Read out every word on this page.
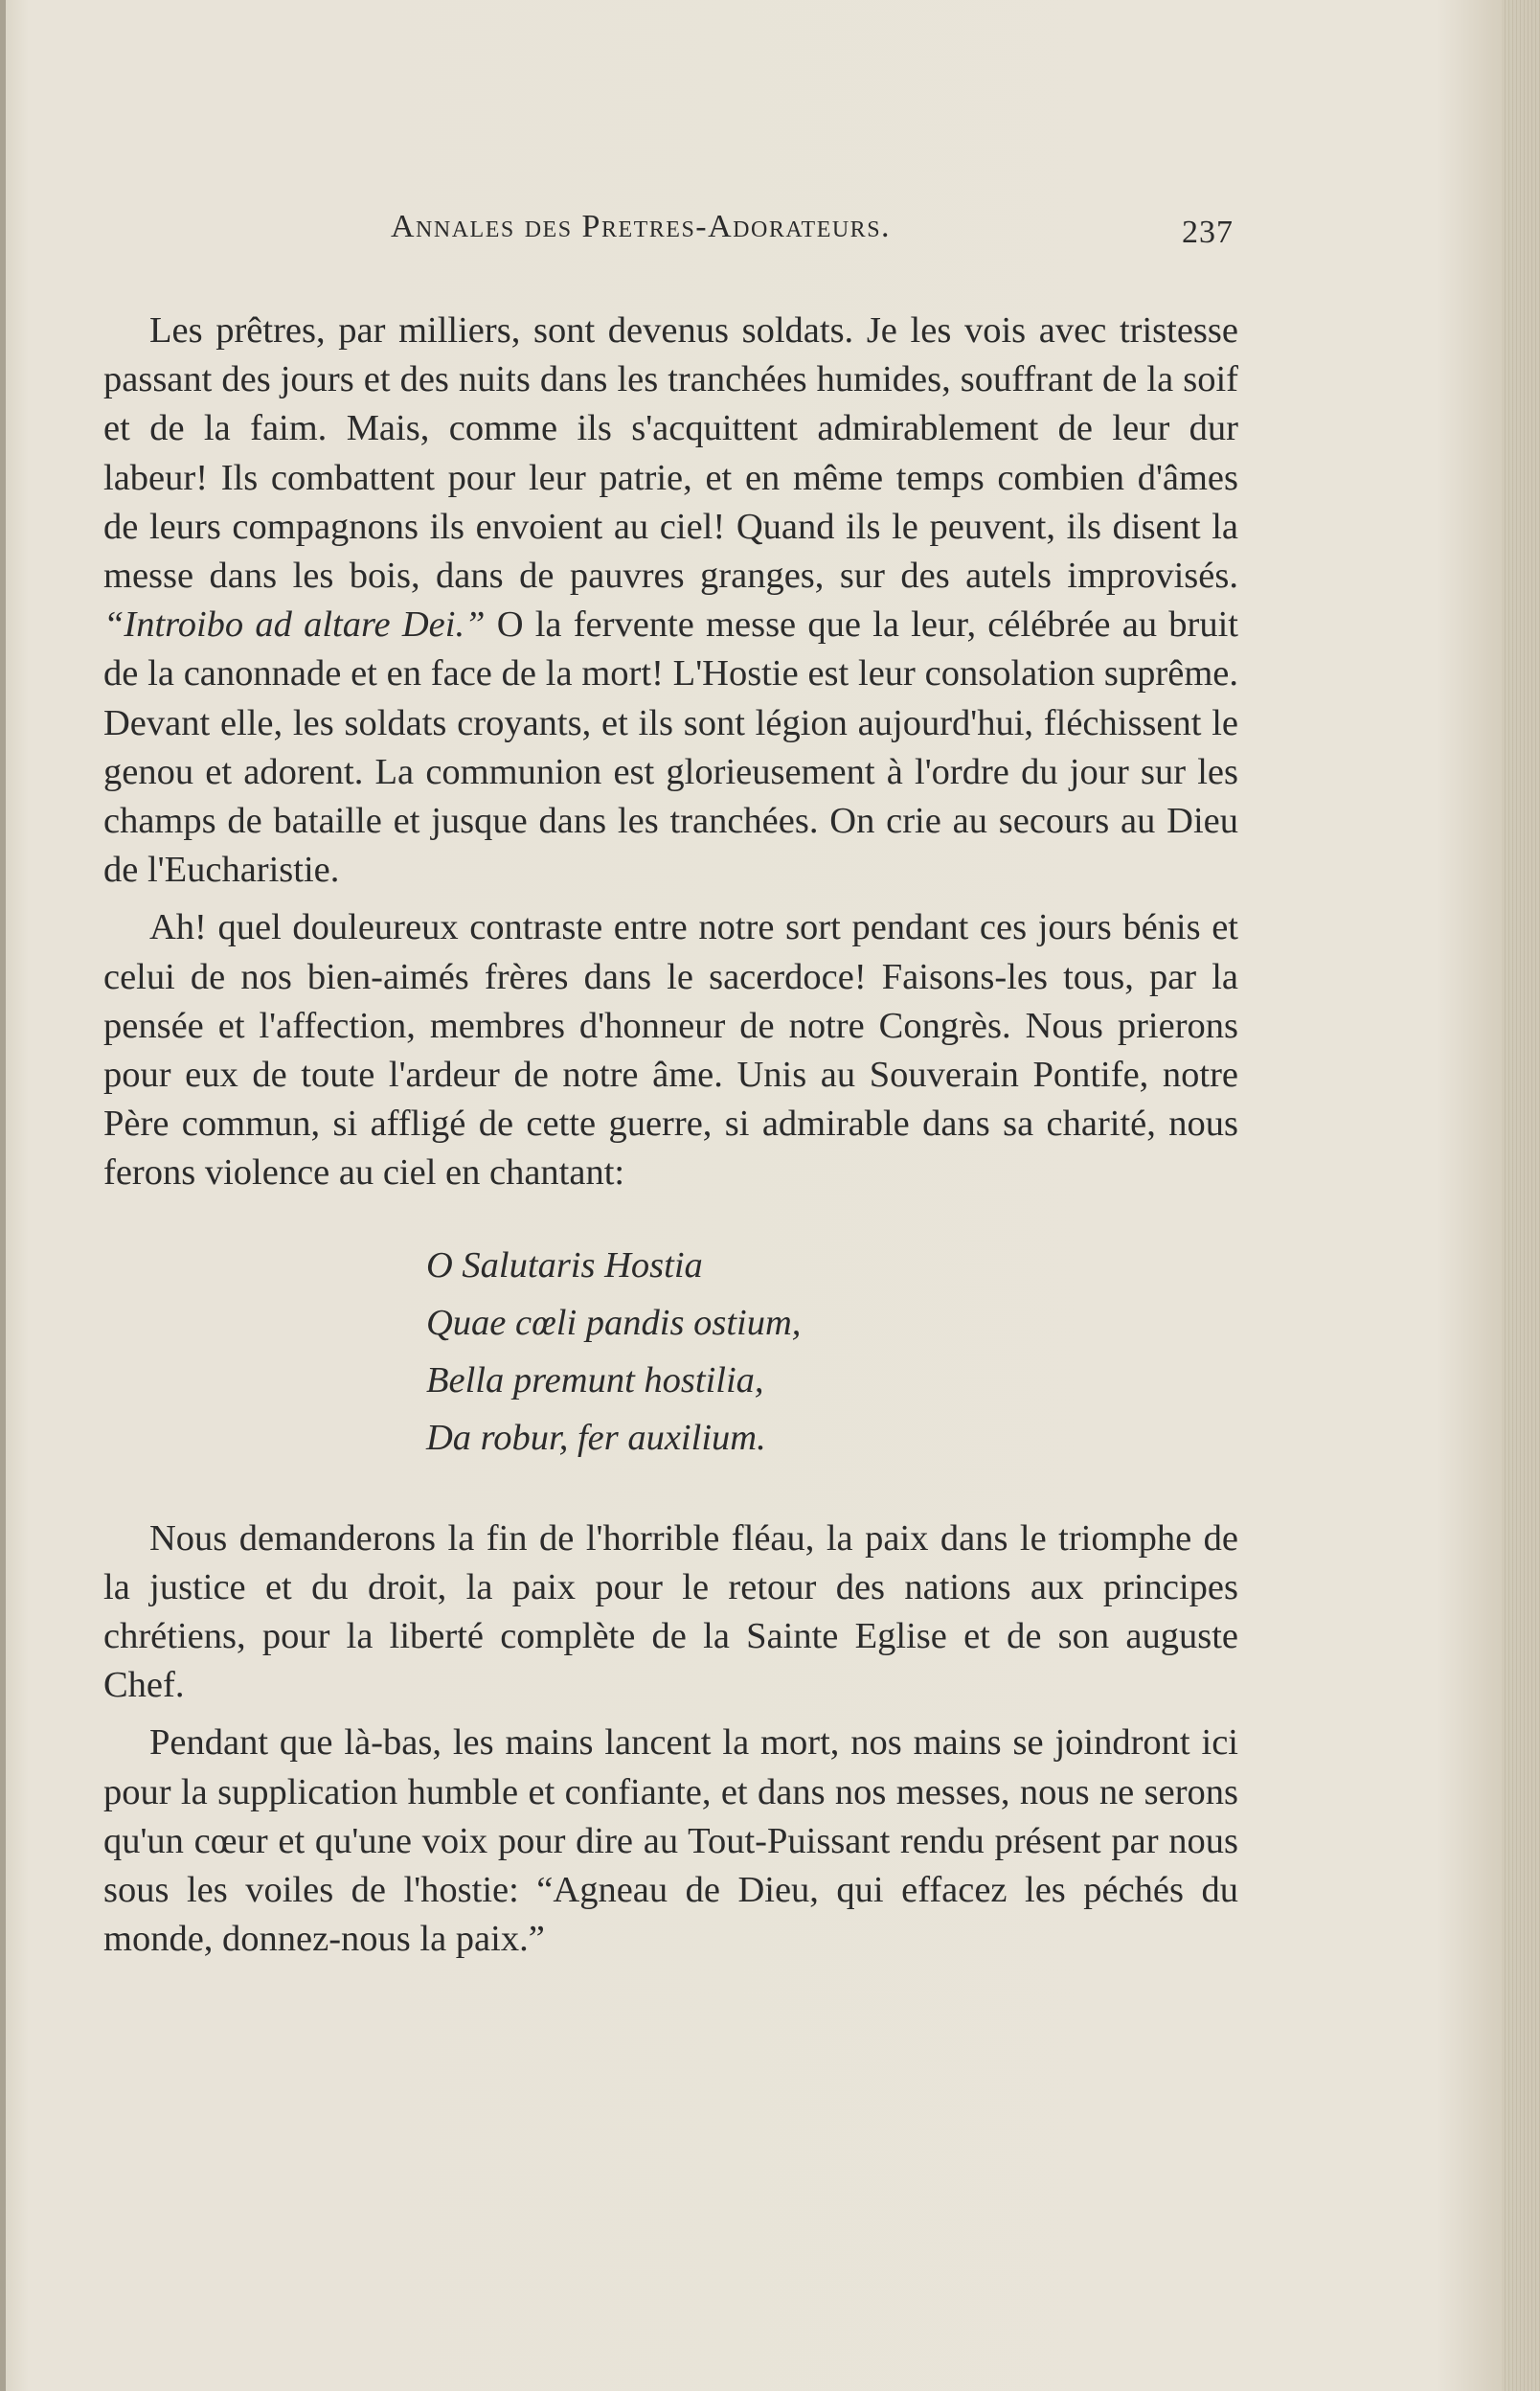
Annales des Pretres-Adorateurs.	237

Les prêtres, par milliers, sont devenus soldats. Je les vois avec tristesse passant des jours et des nuits dans les tranchées humides, souffrant de la soif et de la faim. Mais, comme ils s'acquittent admirablement de leur dur labeur! Ils combattent pour leur patrie, et en même temps combien d'âmes de leurs compagnons ils envoient au ciel! Quand ils le peuvent, ils disent la messe dans les bois, dans de pauvres granges, sur des autels improvisés. “Introibo ad altare Dei.” O la fervente messe que la leur, célébrée au bruit de la canonnade et en face de la mort! L'Hostie est leur consolation suprême. Devant elle, les soldats croyants, et ils sont légion aujourd'hui, fléchissent le genou et adorent. La communion est glorieusement à l'ordre du jour sur les champs de bataille et jusque dans les tranchées. On crie au secours au Dieu de l'Eucharistie.

Ah! quel douleureux contraste entre notre sort pendant ces jours bénis et celui de nos bien-aimés frères dans le sacerdoce! Faisons-les tous, par la pensée et l'affection, membres d'honneur de notre Congrès. Nous prierons pour eux de toute l'ardeur de notre âme. Unis au Souverain Pontife, notre Père commun, si affligé de cette guerre, si admirable dans sa charité, nous ferons violence au ciel en chantant:

O Salutaris Hostia
Quae cœli pandis ostium,
Bella premunt hostilia,
Da robur, fer auxilium.

Nous demanderons la fin de l'horrible fléau, la paix dans le triomphe de la justice et du droit, la paix pour le retour des nations aux principes chrétiens, pour la liberté complète de la Sainte Eglise et de son auguste Chef.

Pendant que là-bas, les mains lancent la mort, nos mains se joindront ici pour la supplication humble et confiante, et dans nos messes, nous ne serons qu'un cœur et qu'une voix pour dire au Tout-Puissant rendu présent par nous sous les voiles de l'hostie: “Agneau de Dieu, qui effacez les péchés du monde, donnez-nous la paix.”
